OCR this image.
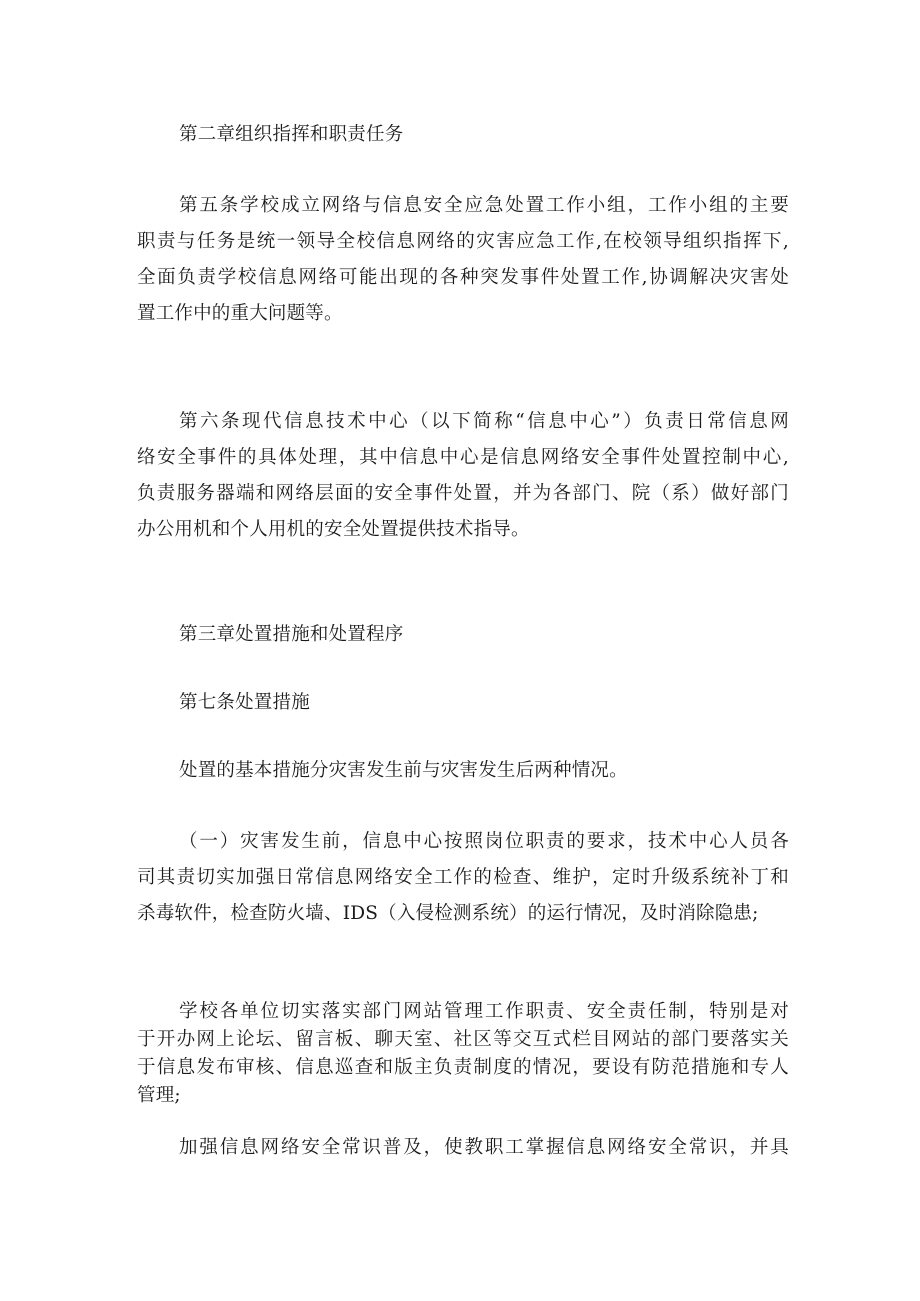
第二章组织指挥和职责任务

第五条学校成立网络与信息安全应急处置工作小组，工作小组的主要
职责与任务是统一领导全校信息网络的灾害应急工作,在校领导组织指挥下,
全面负责学校信息网络可能出现的各种突发事件处置工作,协调解决灾害处
置工作中的重大问题等。

第六条现代信息技术中心（以下简称“信息中心”）负责日常信息网
络安全事件的具体处理，其中信息中心是信息网络安全事件处置控制中心,
负责服务器端和网络层面的安全事件处置，并为各部门、院（系）做好部门
办公用机和个人用机的安全处置提供技术指导。

第三章处置措施和处置程序

第七条处置措施

处置的基本措施分灾害发生前与灾害发生后两种情况。

（一）灾害发生前，信息中心按照岗位职责的要求，技术中心人员各
司其责切实加强日常信息网络安全工作的检查、维护，定时升级系统补丁和
杀毒软件，检查防火墙、IDS（入侵检测系统）的运行情况，及时消除隐患;

学校各单位切实落实部门网站管理工作职责、安全责任制，特别是对
于开办网上论坛、留言板、聊天室、社区等交互式栏目网站的部门要落实关
于信息发布审核、信息巡查和版主负责制度的情况，要设有防范措施和专人
管理;

加强信息网络安全常识普及，使教职工掌握信息网络安全常识，并具
